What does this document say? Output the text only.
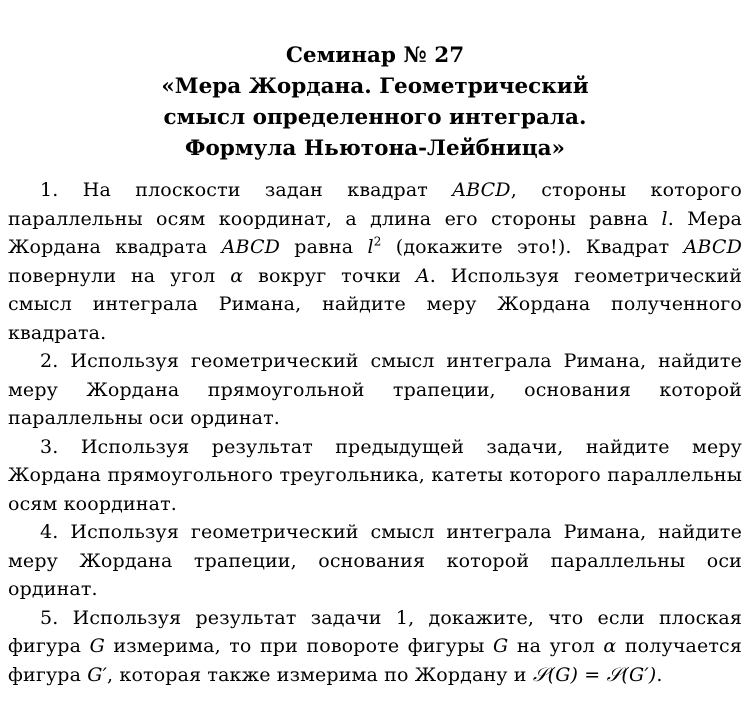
Семинар № 27
«Мера Жордана. Геометрический
смысл определенного интеграла.
Формула Ньютона-Лейбница»

1. На плоскости задан квадрат ABCD, стороны которого параллельны осям координат, а длина его стороны равна l. Мера Жордана квадрата ABCD равна $l^2$ (докажите это!). Квадрат ABCD повернули на угол α вокруг точки A. Используя геометрический смысл интеграла Римана, найдите меру Жордана полученного квадрата.

2. Используя геометрический смысл интеграла Римана, найдите меру Жордана прямоугольной трапеции, основания которой параллельны оси ординат.

3. Используя результат предыдущей задачи, найдите меру Жордана прямоугольного треугольника, катеты которого параллельны осям координат.

4. Используя геометрический смысл интеграла Римана, найдите меру Жордана трапеции, основания которой параллельны оси ординат.

5. Используя результат задачи 1, докажите, что если плоская фигура G измерима, то при повороте фигуры G на угол α получается фигура G′, которая также измерима по Жордану и 𝒮(G) = 𝒮(G′).
